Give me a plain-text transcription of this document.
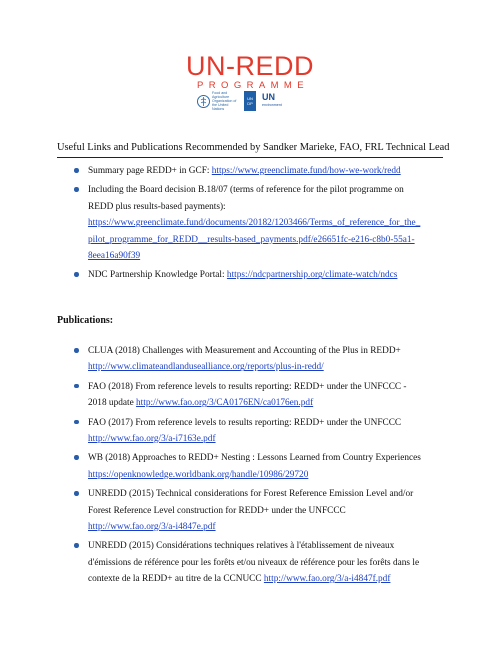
UN-REDD
PROGRAMME
Food and Agriculture Organization of the United Nations
UN DP
UN
environment
Useful Links and Publications Recommended by Sandker Marieke, FAO, FRL Technical Lead
Summary page REDD+ in GCF: https://www.greenclimate.fund/how-we-work/redd
Including the Board decision B.18/07 (terms of reference for the pilot programme on
REDD plus results-based payments):
https://www.greenclimate.fund/documents/20182/1203466/Terms_of_reference_for_the_
pilot_programme_for_REDD__results-based_payments.pdf/e26651fc-e216-c8b0-55a1-
8eea16a90f39
NDC Partnership Knowledge Portal: https://ndcpartnership.org/climate-watch/ndcs
Publications:
CLUA (2018) Challenges with Measurement and Accounting of the Plus in REDD+
http://www.climateandlandusealliance.org/reports/plus-in-redd/
FAO (2018) From reference levels to results reporting: REDD+ under the UNFCCC -
2018 update http://www.fao.org/3/CA0176EN/ca0176en.pdf
FAO (2017) From reference levels to results reporting: REDD+ under the UNFCCC
http://www.fao.org/3/a-i7163e.pdf
WB (2018) Approaches to REDD+ Nesting : Lessons Learned from Country Experiences
https://openknowledge.worldbank.org/handle/10986/29720
UNREDD (2015) Technical considerations for Forest Reference Emission Level and/or
Forest Reference Level construction for REDD+ under the UNFCCC
http://www.fao.org/3/a-i4847e.pdf
UNREDD (2015) Considérations techniques relatives à l'établissement de niveaux
d'émissions de référence pour les forêts et/ou niveaux de référence pour les forêts dans le
contexte de la REDD+ au titre de la CCNUCC http://www.fao.org/3/a-i4847f.pdf
